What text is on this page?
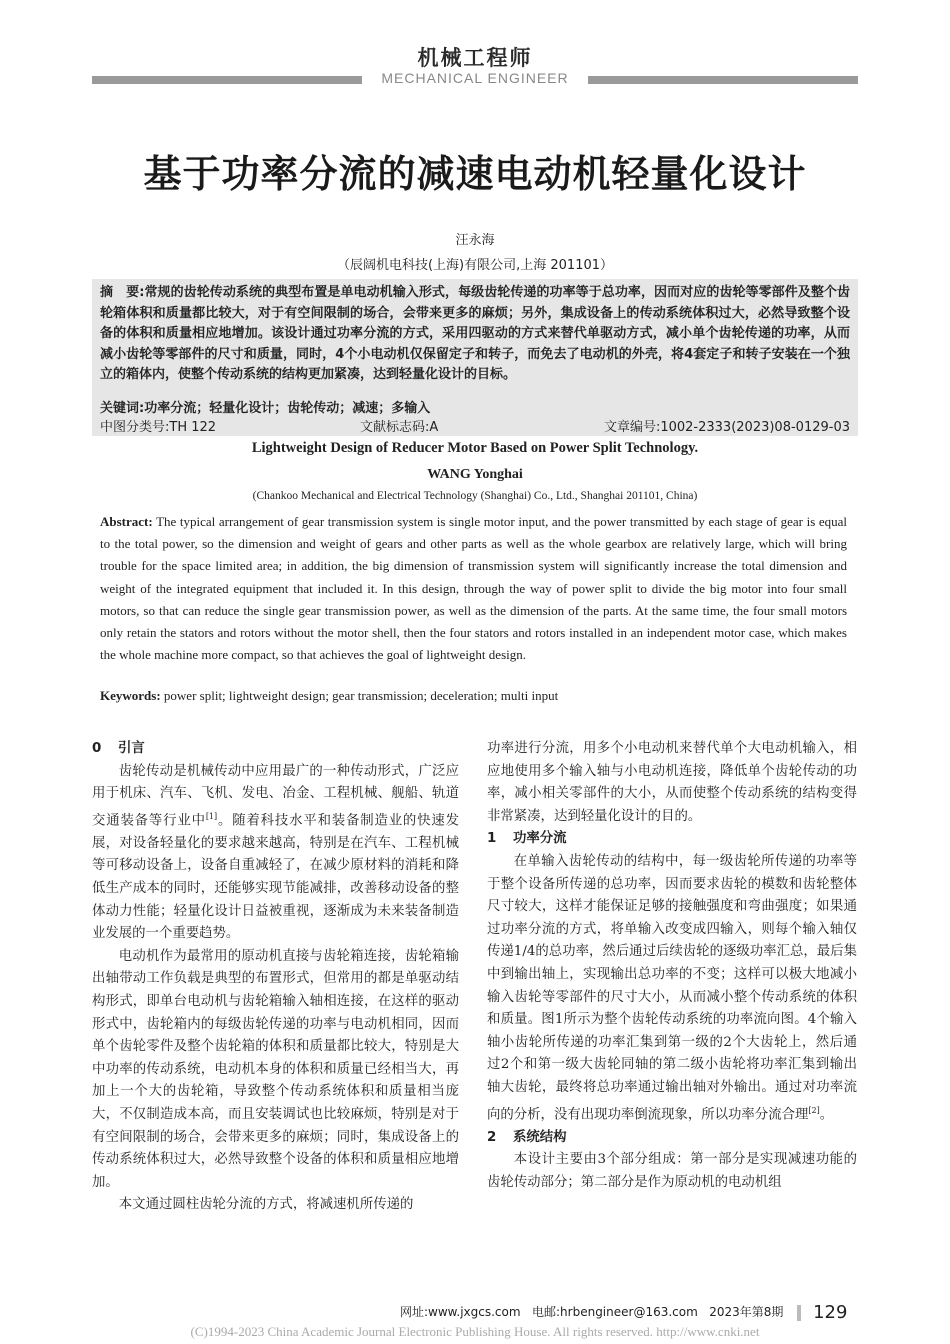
机械工程师
MECHANICAL ENGINEER
基于功率分流的减速电动机轻量化设计
汪永海
（辰阔机电科技(上海)有限公司,上海 201101）
摘　要:常规的齿轮传动系统的典型布置是单电动机输入形式，每级齿轮传递的功率等于总功率，因而对应的齿轮等零部件及整个齿轮箱体积和质量都比较大，对于有空间限制的场合，会带来更多的麻烦；另外，集成设备上的传动系统体积过大，必然导致整个设备的体积和质量相应地增加。该设计通过功率分流的方式，采用四驱动的方式来替代单驱动方式，减小单个齿轮传递的功率，从而减小齿轮等零部件的尺寸和质量，同时，4个小电动机仅保留定子和转子，而免去了电动机的外壳，将4套定子和转子安装在一个独立的箱体内，使整个传动系统的结构更加紧凑，达到轻量化设计的目标。
关键词:功率分流；轻量化设计；齿轮传动；减速；多输入
中图分类号:TH 122	文献标志码:A	文章编号:1002-2333(2023)08-0129-03
Lightweight Design of Reducer Motor Based on Power Split Technology.
WANG Yonghai
(Chankoo Mechanical and Electrical Technology (Shanghai) Co., Ltd., Shanghai 201101, China)
Abstract: The typical arrangement of gear transmission system is single motor input, and the power transmitted by each stage of gear is equal to the total power, so the dimension and weight of gears and other parts as well as the whole gearbox are relatively large, which will bring trouble for the space limited area; in addition, the big dimension of transmission system will significantly increase the total dimension and weight of the integrated equipment that included it. In this design, through the way of power split to divide the big motor into four small motors, so that can reduce the single gear transmission power, as well as the dimension of the parts. At the same time, the four small motors only retain the stators and rotors without the motor shell, then the four stators and rotors installed in an independent motor case, which makes the whole machine more compact, so that achieves the goal of lightweight design.
Keywords: power split; lightweight design; gear transmission; deceleration; multi input
0 引言

齿轮传动是机械传动中应用最广的一种传动形式，广泛应用于机床、汽车、飞机、发电、冶金、工程机械、舰船、轨道交通装备等行业中[1]。随着科技水平和装备制造业的快速发展，对设备轻量化的要求越来越高，特别是在汽车、工程机械等可移动设备上，设备自重减轻了，在减少原材料的消耗和降低生产成本的同时，还能够实现节能减排，改善移动设备的整体动力性能；轻量化设计日益被重视，逐渐成为未来装备制造业发展的一个重要趋势。

电动机作为最常用的原动机直接与齿轮箱连接，齿轮箱输出轴带动工作负载是典型的布置形式，但常用的都是单驱动结构形式，即单台电动机与齿轮箱输入轴相连接，在这样的驱动形式中，齿轮箱内的每级齿轮传递的功率与电动机相同，因而单个齿轮零件及整个齿轮箱的体积和质量都比较大，特别是大中功率的传动系统，电动机本身的体积和质量已经相当大，再加上一个大的齿轮箱，导致整个传动系统体积和质量相当庞大，不仅制造成本高，而且安装调试也比较麻烦，特别是对于有空间限制的场合，会带来更多的麻烦；同时，集成设备上的传动系统体积过大，必然导致整个设备的体积和质量相应地增加。

本文通过圆柱齿轮分流的方式，将减速机所传递的

功率进行分流，用多个小电动机来替代单个大电动机输入，相应地使用多个输入轴与小电动机连接，降低单个齿轮传动的功率，减小相关零部件的大小，从而使整个传动系统的结构变得非常紧凑，达到轻量化设计的目的。

1 功率分流

在单输入齿轮传动的结构中，每一级齿轮所传递的功率等于整个设备所传递的总功率，因而要求齿轮的模数和齿轮整体尺寸较大，这样才能保证足够的接触强度和弯曲强度；如果通过功率分流的方式，将单输入改变成四输入，则每个输入轴仅传递1/4的总功率，然后通过后续齿轮的逐级功率汇总，最后集中到输出轴上，实现输出总功率的不变；这样可以极大地减小输入齿轮等零部件的尺寸大小，从而减小整个传动系统的体积和质量。图1所示为整个齿轮传动系统的功率流向图。4个输入轴小齿轮所传递的功率汇集到第一级的2个大齿轮上，然后通过2个和第一级大齿轮同轴的第二级小齿轮将功率汇集到输出轴大齿轮，最终将总功率通过输出轴对外输出。通过对功率流向的分析，没有出现功率倒流现象，所以功率分流合理[2]。

2 系统结构

本设计主要由3个部分组成：第一部分是实现减速功能的齿轮传动部分；第二部分是作为原动机的电动机组

网址:www.jxgcs.com 电邮:hrbengineer@163.com 2023年第8期 129
(C)1994-2023 China Academic Journal Electronic Publishing House. All rights reserved. http://www.cnki.net
